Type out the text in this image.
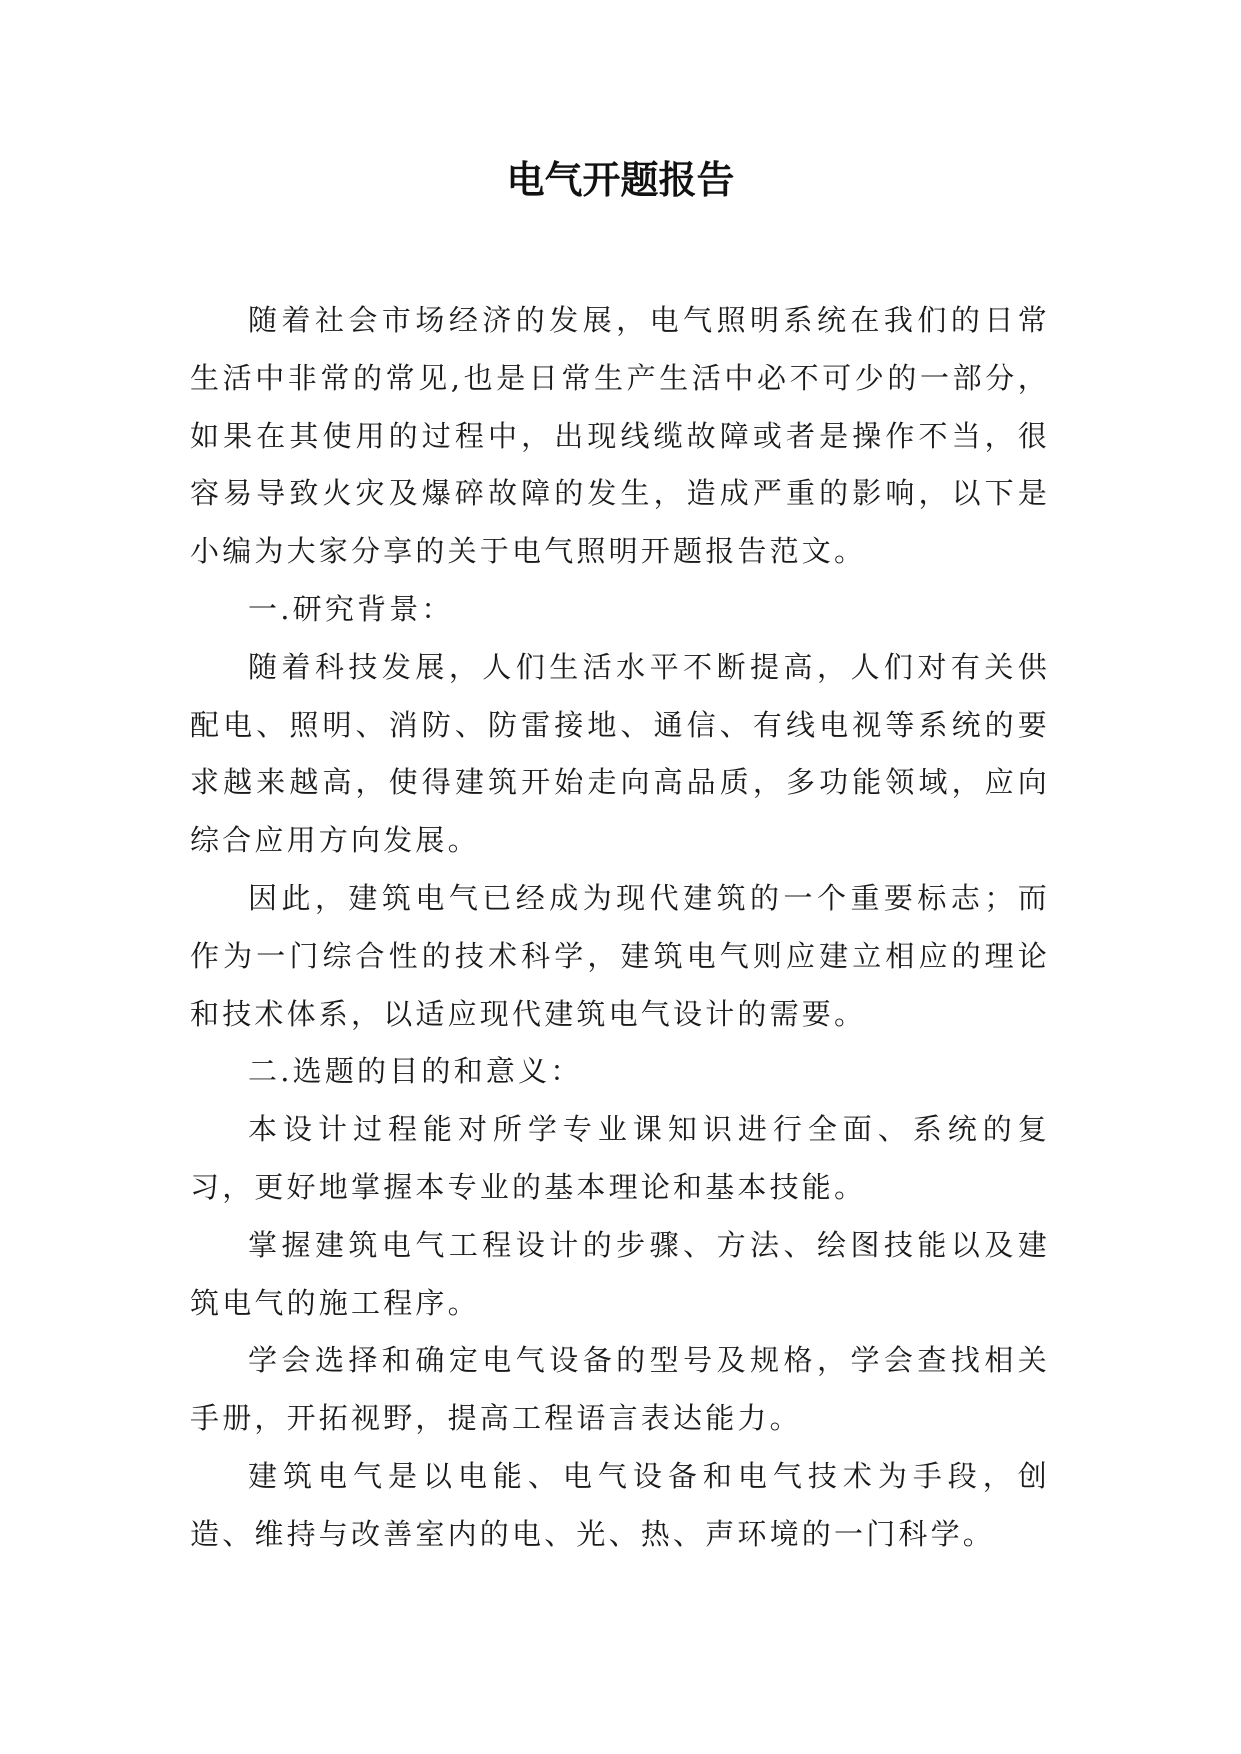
电气开题报告

随着社会市场经济的发展，电气照明系统在我们的日常生活中非常的常见,也是日常生产生活中必不可少的一部分，如果在其使用的过程中，出现线缆故障或者是操作不当，很容易导致火灾及爆碎故障的发生，造成严重的影响，以下是小编为大家分享的关于电气照明开题报告范文。

一.研究背景：

随着科技发展，人们生活水平不断提高，人们对有关供配电、照明、消防、防雷接地、通信、有线电视等系统的要求越来越高，使得建筑开始走向高品质，多功能领域，应向综合应用方向发展。

因此，建筑电气已经成为现代建筑的一个重要标志；而作为一门综合性的技术科学，建筑电气则应建立相应的理论和技术体系，以适应现代建筑电气设计的需要。

二.选题的目的和意义：

本设计过程能对所学专业课知识进行全面、系统的复习，更好地掌握本专业的基本理论和基本技能。

掌握建筑电气工程设计的步骤、方法、绘图技能以及建筑电气的施工程序。

学会选择和确定电气设备的型号及规格，学会查找相关手册，开拓视野，提高工程语言表达能力。

建筑电气是以电能、电气设备和电气技术为手段，创造、维持与改善室内的电、光、热、声环境的一门科学。
